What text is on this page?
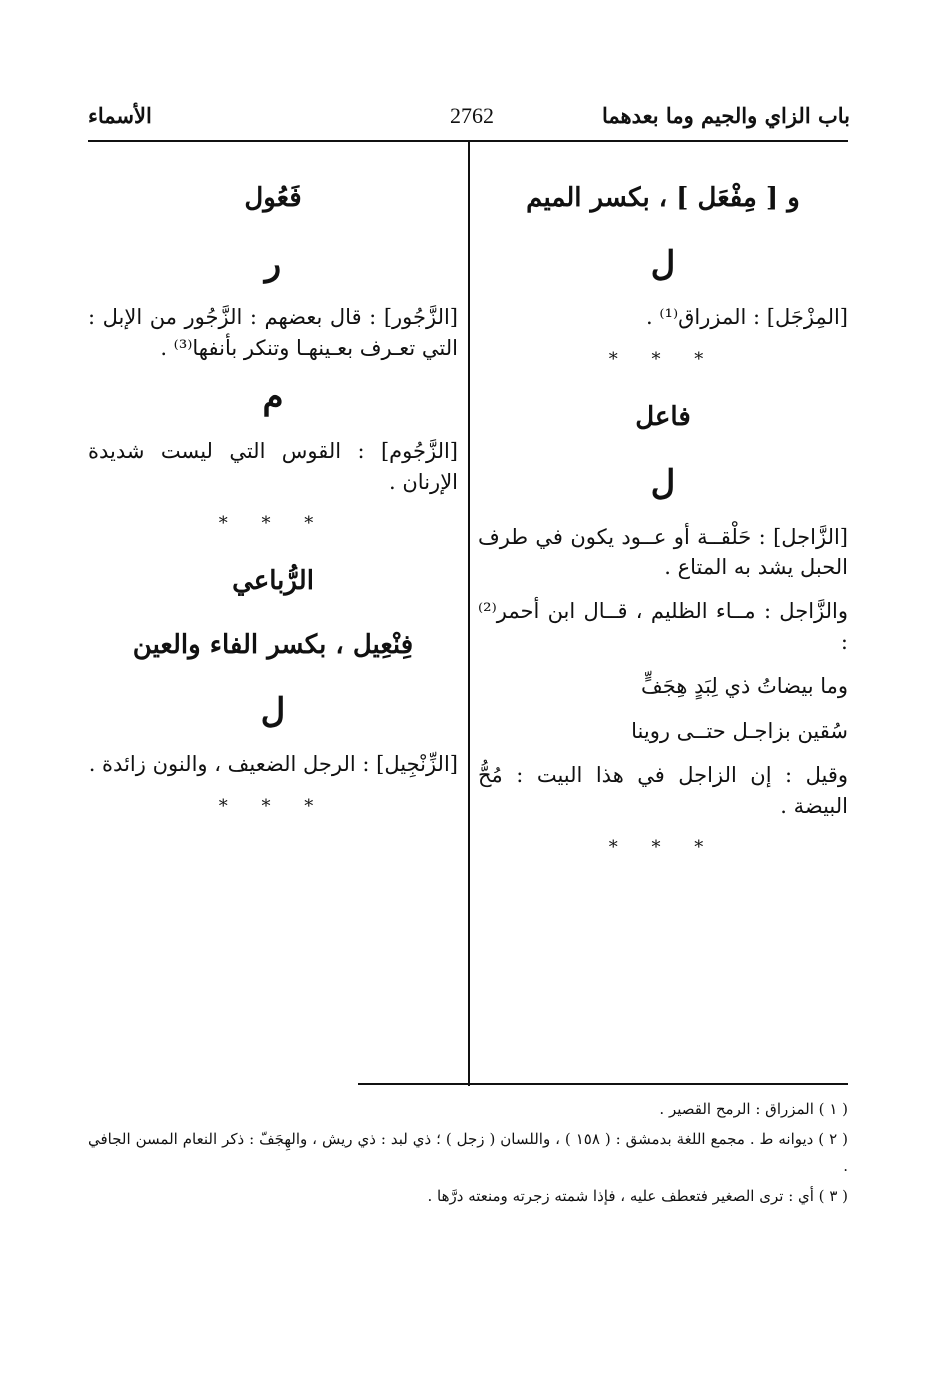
باب الزاي والجيم وما بعدهما
2762
الأسماء
و [ مِفْعَل ] ، بكسر الميم
ل
[المِزْجَل] : المزراق⁽¹⁾ .
* * *
فاعل
ل
[الزَّاجل] : حَلْقــة أو عــود يكون في طرف الحبل يشد به المتاع .
والزَّاجل : مــاء الظليم ، قــال ابن أحمر⁽²⁾ :
وما بيضاتُ ذي لِبَدٍ هِجَفٍّ
سُقين بزاجـل حتــى روينا
وقيل : إن الزاجل في هذا البيت : مُحُّ البيضة .
* * *
فَعُول
ر
[الزَّجُور] : قال بعضهم : الزَّجُور من الإبل : التي تعـرف بعـينهـا وتنكر بأنفها⁽³⁾ .
م
[الزَّجُوم] : القوس التي ليست شديدة الإرنان .
* * *
الرُّباعي
فِنْعِيل ، بكسر الفاء والعين
ل
[الزِّنْجِيل] : الرجل الضعيف ، والنون زائدة .
* * *
( ١ ) المزراق : الرمح القصير .
( ٢ ) ديوانه ط . مجمع اللغة بدمشق : ( ١٥٨ ) ، واللسان ( زجل ) ؛ ذي لبد : ذي ريش ، والهِجَفّ : ذكر النعام المسن الجافي .
( ٣ ) أي : ترى الصغير فتعطف عليه ، فإذا شمته زجرته ومنعته درَّها .
